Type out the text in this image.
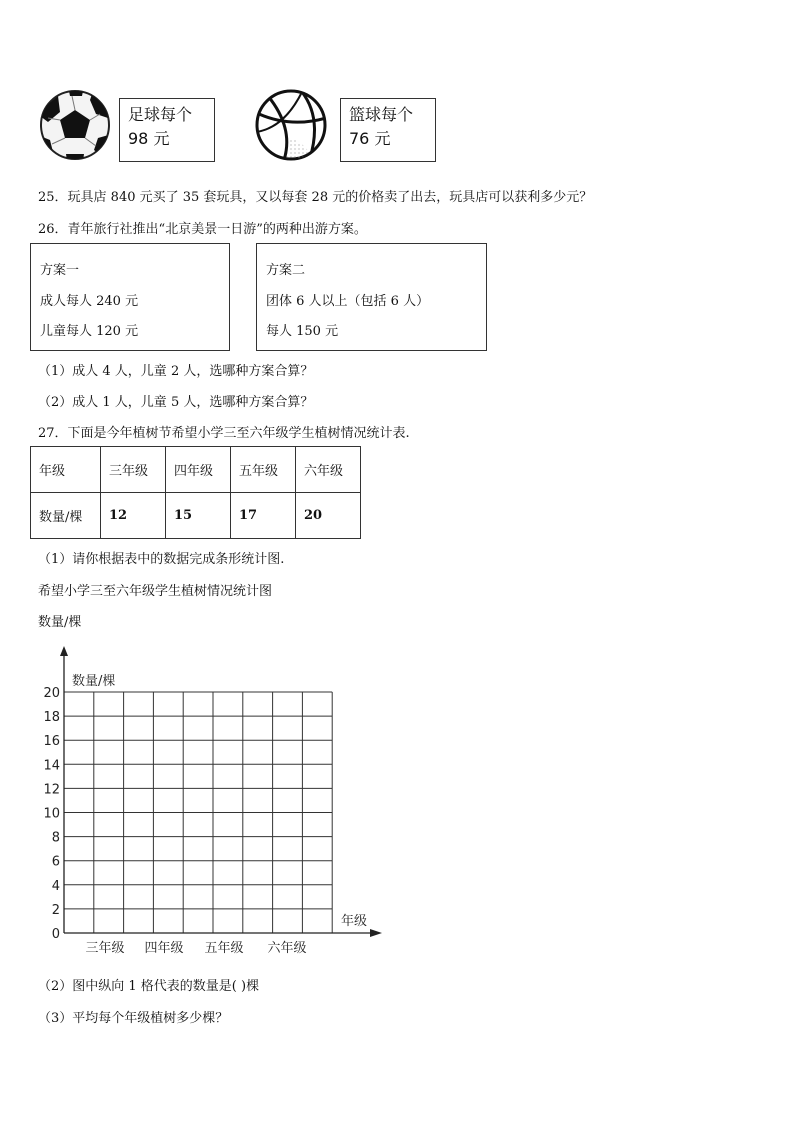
足球每个
98 元
篮球每个
76 元
25．玩具店 840 元买了 35 套玩具，又以每套 28 元的价格卖了出去，玩具店可以获利多少元？
26．青年旅行社推出“北京美景一日游”的两种出游方案。
方案一
成人每人 240 元
儿童每人 120 元
方案二
团体 6 人以上（包括 6 人）
每人 150 元
（1）成人 4 人，儿童 2 人，选哪种方案合算？
（2）成人 1 人，儿童 5 人，选哪种方案合算？
27．下面是今年植树节希望小学三至六年级学生植树情况统计表.
年级	三年级	四年级	五年级	六年级
数量/棵	12	15	17	20
（1）请你根据表中的数据完成条形统计图.
希望小学三至六年级学生植树情况统计图
数量/棵
0
2
4
6
8
10
12
14
16
18
20
数量/棵
年级
三年级 四年级 五年级 六年级
（2）图中纵向 1 格代表的数量是( )棵
（3）平均每个年级植树多少棵？
